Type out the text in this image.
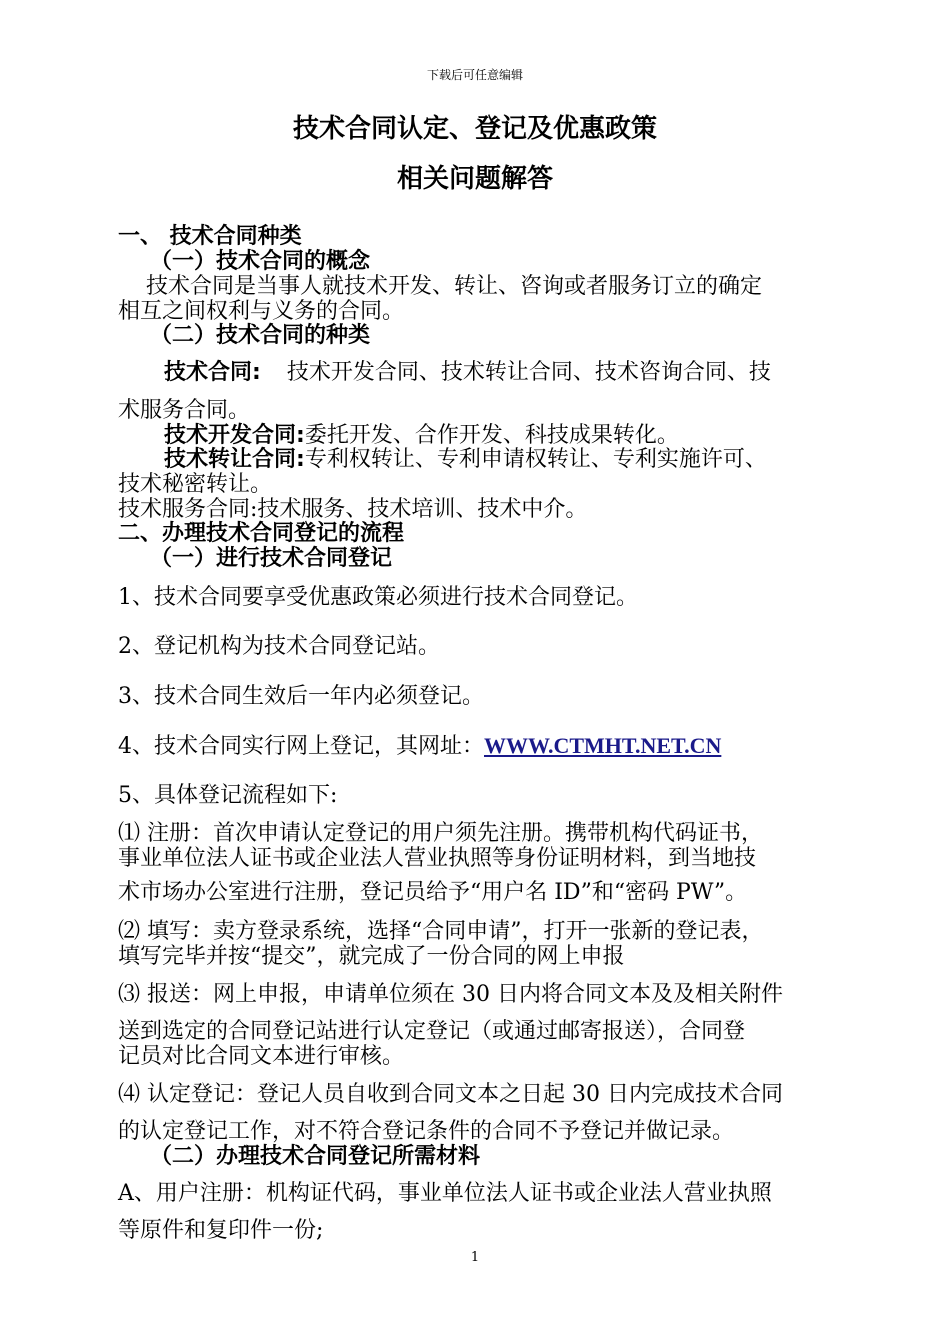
下载后可任意编辑
技术合同认定、登记及优惠政策
相关问题解答
一、 技术合同种类
（一）技术合同的概念
技术合同是当事人就技术开发、转让、咨询或者服务订立的确定
相互之间权利与义务的合同。
（二）技术合同的种类
技术合同: 技术开发合同、技术转让合同、技术咨询合同、技
术服务合同。
技术开发合同:委托开发、合作开发、科技成果转化。
技术转让合同:专利权转让、专利申请权转让、专利实施许可、
技术秘密转让。
技术服务合同:技术服务、技术培训、技术中介。
二、办理技术合同登记的流程
（一）进行技术合同登记
1、技术合同要享受优惠政策必须进行技术合同登记。
2、登记机构为技术合同登记站。
3、技术合同生效后一年内必须登记。
4、技术合同实行网上登记，其网址：WWW.CTMHT.NET.CN
5、具体登记流程如下:
⑴ 注册：首次申请认定登记的用户须先注册。携带机构代码证书，
事业单位法人证书或企业法人营业执照等身份证明材料，到当地技
术市场办公室进行注册，登记员给予“用户名 ID”和“密码 PW”。
⑵ 填写：卖方登录系统，选择“合同申请”，打开一张新的登记表，
填写完毕并按“提交”，就完成了一份合同的网上申报
⑶ 报送：网上申报，申请单位须在 30 日内将合同文本及及相关附件
送到选定的合同登记站进行认定登记（或通过邮寄报送），合同登
记员对比合同文本进行审核。
⑷ 认定登记：登记人员自收到合同文本之日起 30 日内完成技术合同
的认定登记工作，对不符合登记条件的合同不予登记并做记录。
（二）办理技术合同登记所需材料
A、用户注册：机构证代码，事业单位法人证书或企业法人营业执照
等原件和复印件一份;
1
